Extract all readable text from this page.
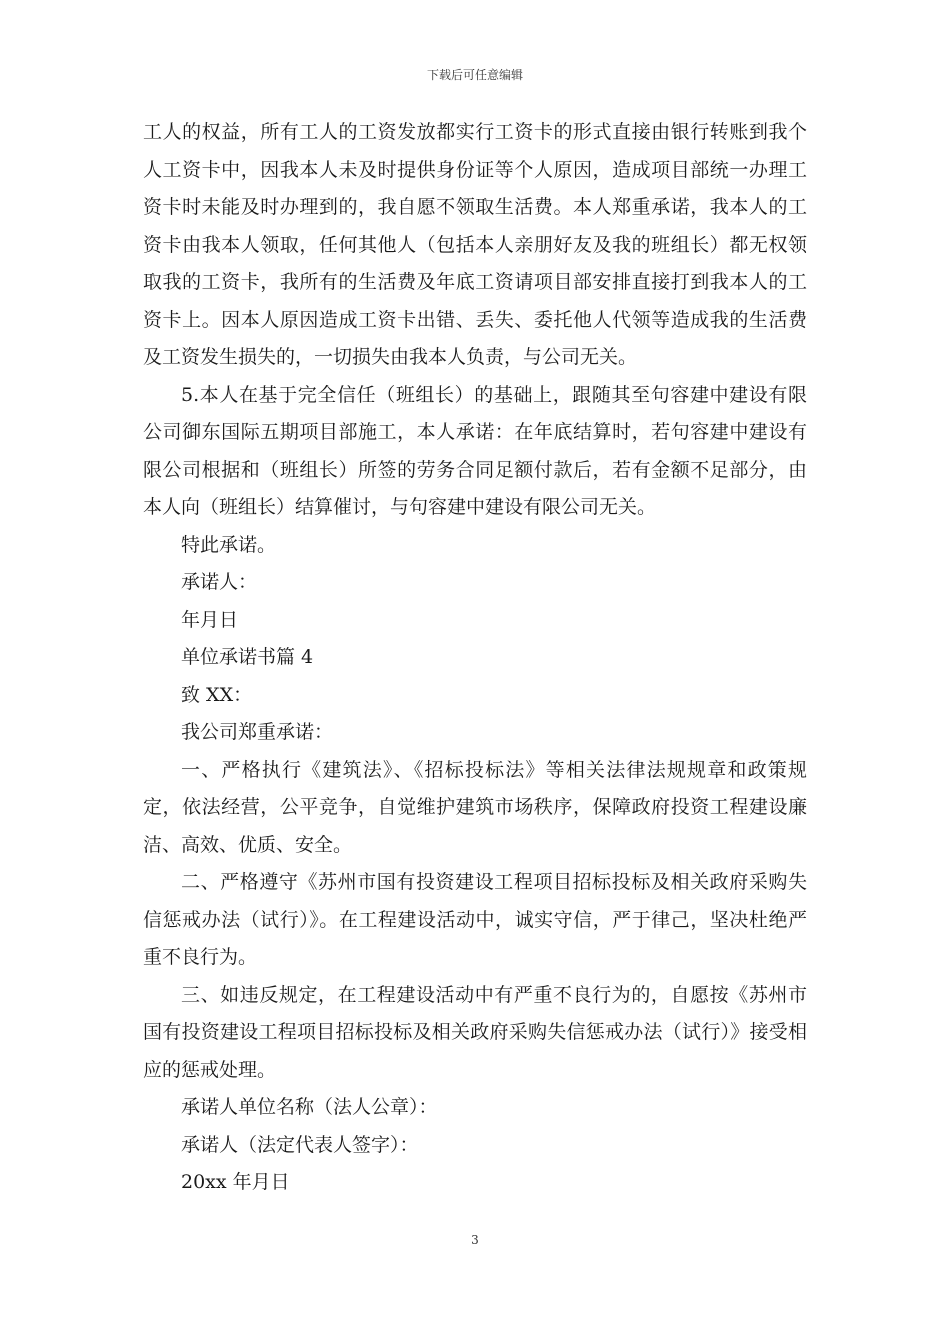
下载后可任意编辑

工人的权益，所有工人的工资发放都实行工资卡的形式直接由银行转账到我个人工资卡中，因我本人未及时提供身份证等个人原因，造成项目部统一办理工资卡时未能及时办理到的，我自愿不领取生活费。本人郑重承诺，我本人的工资卡由我本人领取，任何其他人（包括本人亲朋好友及我的班组长）都无权领取我的工资卡，我所有的生活费及年底工资请项目部安排直接打到我本人的工资卡上。因本人原因造成工资卡出错、丢失、委托他人代领等造成我的生活费及工资发生损失的，一切损失由我本人负责，与公司无关。

5.本人在基于完全信任（班组长）的基础上，跟随其至句容建中建设有限公司御东国际五期项目部施工，本人承诺：在年底结算时，若句容建中建设有限公司根据和（班组长）所签的劳务合同足额付款后，若有金额不足部分，由本人向（班组长）结算催讨，与句容建中建设有限公司无关。

特此承诺。

承诺人：

年月日

单位承诺书篇 4

致 XX：

我公司郑重承诺：

一、严格执行《建筑法》、《招标投标法》等相关法律法规规章和政策规定，依法经营，公平竞争，自觉维护建筑市场秩序，保障政府投资工程建设廉洁、高效、优质、安全。

二、严格遵守《苏州市国有投资建设工程项目招标投标及相关政府采购失信惩戒办法（试行）》。在工程建设活动中，诚实守信，严于律己，坚决杜绝严重不良行为。

三、如违反规定，在工程建设活动中有严重不良行为的，自愿按《苏州市国有投资建设工程项目招标投标及相关政府采购失信惩戒办法（试行）》接受相应的惩戒处理。

承诺人单位名称（法人公章）：

承诺人（法定代表人签字）：

20xx 年月日

3
